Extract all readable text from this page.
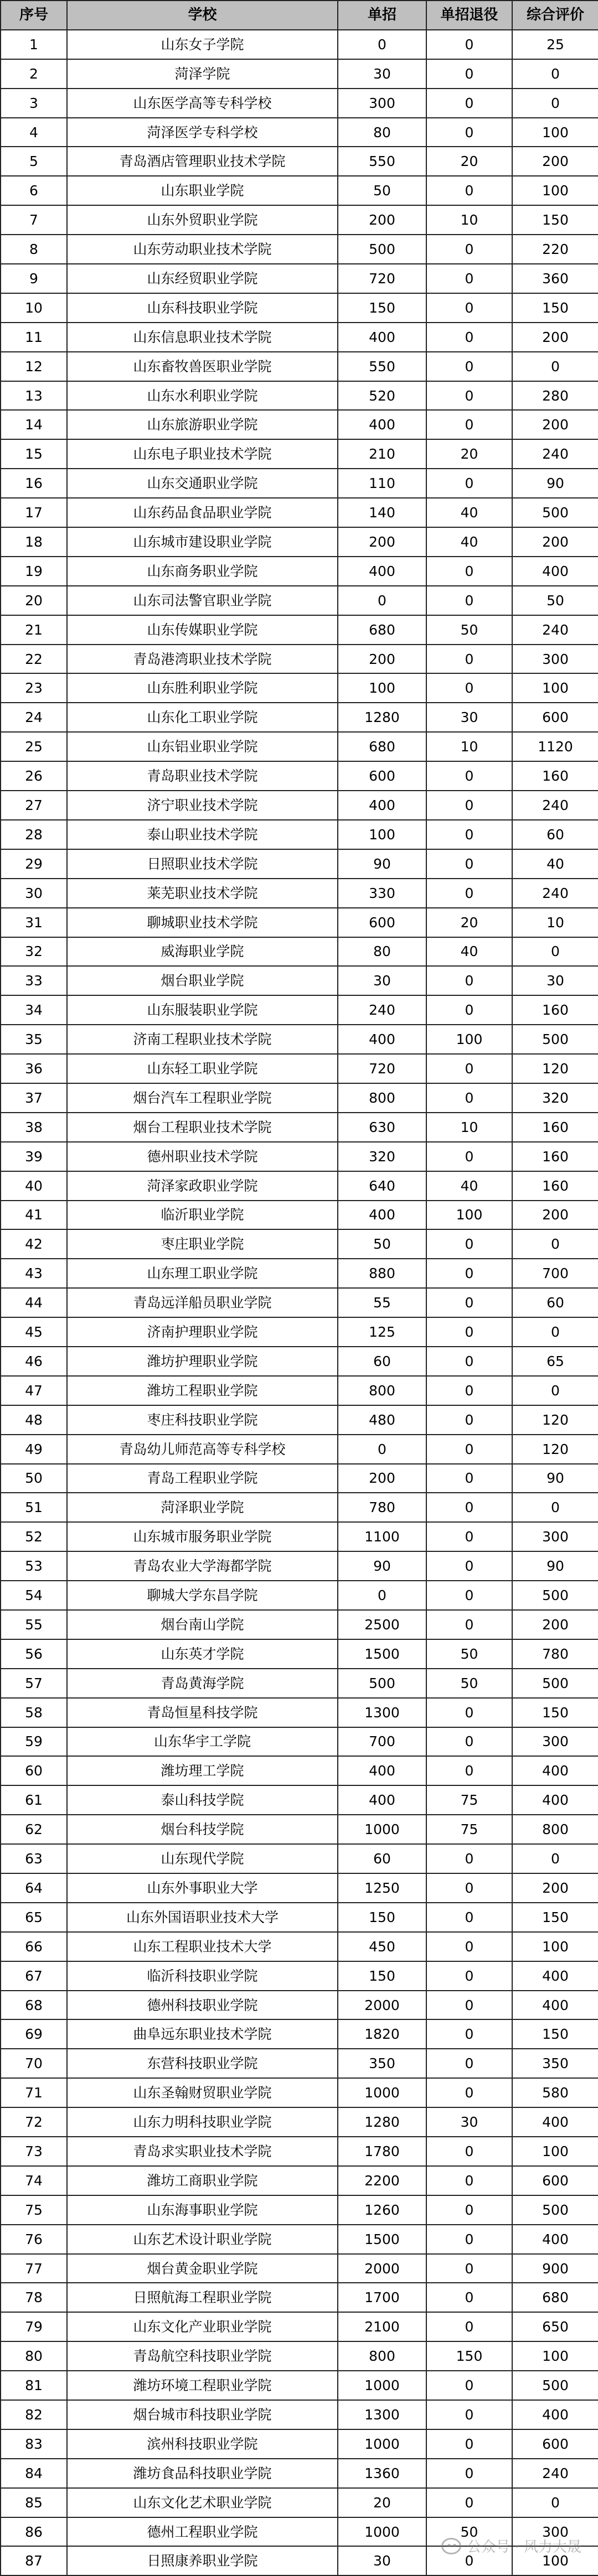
序号	学校	单招	单招退役	综合评价
1	山东女子学院	0	0	25
2	菏泽学院	30	0	0
3	山东医学高等专科学校	300	0	0
4	菏泽医学专科学校	80	0	100
5	青岛酒店管理职业技术学院	550	20	200
6	山东职业学院	50	0	100
7	山东外贸职业学院	200	10	150
8	山东劳动职业技术学院	500	0	220
9	山东经贸职业学院	720	0	360
10	山东科技职业学院	150	0	150
11	山东信息职业技术学院	400	0	200
12	山东畜牧兽医职业学院	550	0	0
13	山东水利职业学院	520	0	280
14	山东旅游职业学院	400	0	200
15	山东电子职业技术学院	210	20	240
16	山东交通职业学院	110	0	90
17	山东药品食品职业学院	140	40	500
18	山东城市建设职业学院	200	40	200
19	山东商务职业学院	400	0	400
20	山东司法警官职业学院	0	0	50
21	山东传媒职业学院	680	50	240
22	青岛港湾职业技术学院	200	0	300
23	山东胜利职业学院	100	0	100
24	山东化工职业学院	1280	30	600
25	山东铝业职业学院	680	10	1120
26	青岛职业技术学院	600	0	160
27	济宁职业技术学院	400	0	240
28	泰山职业技术学院	100	0	60
29	日照职业技术学院	90	0	40
30	莱芜职业技术学院	330	0	240
31	聊城职业技术学院	600	20	10
32	威海职业学院	80	40	0
33	烟台职业学院	30	0	30
34	山东服装职业学院	240	0	160
35	济南工程职业技术学院	400	100	500
36	山东轻工职业学院	720	0	120
37	烟台汽车工程职业学院	800	0	320
38	烟台工程职业技术学院	630	10	160
39	德州职业技术学院	320	0	160
40	菏泽家政职业学院	640	40	160
41	临沂职业学院	400	100	200
42	枣庄职业学院	50	0	0
43	山东理工职业学院	880	0	700
44	青岛远洋船员职业学院	55	0	60
45	济南护理职业学院	125	0	0
46	潍坊护理职业学院	60	0	65
47	潍坊工程职业学院	800	0	0
48	枣庄科技职业学院	480	0	120
49	青岛幼儿师范高等专科学校	0	0	120
50	青岛工程职业学院	200	0	90
51	菏泽职业学院	780	0	0
52	山东城市服务职业学院	1100	0	300
53	青岛农业大学海都学院	90	0	90
54	聊城大学东昌学院	0	0	500
55	烟台南山学院	2500	0	200
56	山东英才学院	1500	50	780
57	青岛黄海学院	500	50	500
58	青岛恒星科技学院	1300	0	150
59	山东华宇工学院	700	0	300
60	潍坊理工学院	400	0	400
61	泰山科技学院	400	75	400
62	烟台科技学院	1000	75	800
63	山东现代学院	60	0	0
64	山东外事职业大学	1250	0	200
65	山东外国语职业技术大学	150	0	150
66	山东工程职业技术大学	450	0	100
67	临沂科技职业学院	150	0	400
68	德州科技职业学院	2000	0	400
69	曲阜远东职业技术学院	1820	0	150
70	东营科技职业学院	350	0	350
71	山东圣翰财贸职业学院	1000	0	580
72	山东力明科技职业学院	1280	30	400
73	青岛求实职业技术学院	1780	0	100
74	潍坊工商职业学院	2200	0	600
75	山东海事职业学院	1260	0	500
76	山东艺术设计职业学院	1500	0	400
77	烟台黄金职业学院	2000	0	900
78	日照航海工程职业学院	1700	0	680
79	山东文化产业职业学院	2100	0	650
80	青岛航空科技职业学院	800	150	100
81	潍坊环境工程职业学院	1000	0	500
82	烟台城市科技职业学院	1300	0	400
83	滨州科技职业学院	1000	0	600
84	潍坊食品科技职业学院	1360	0	240
85	山东文化艺术职业学院	20	0	0
86	德州工程职业学院	1000	50	300
87	日照康养职业学院	30	0	100
公众号 · 风力大晟
